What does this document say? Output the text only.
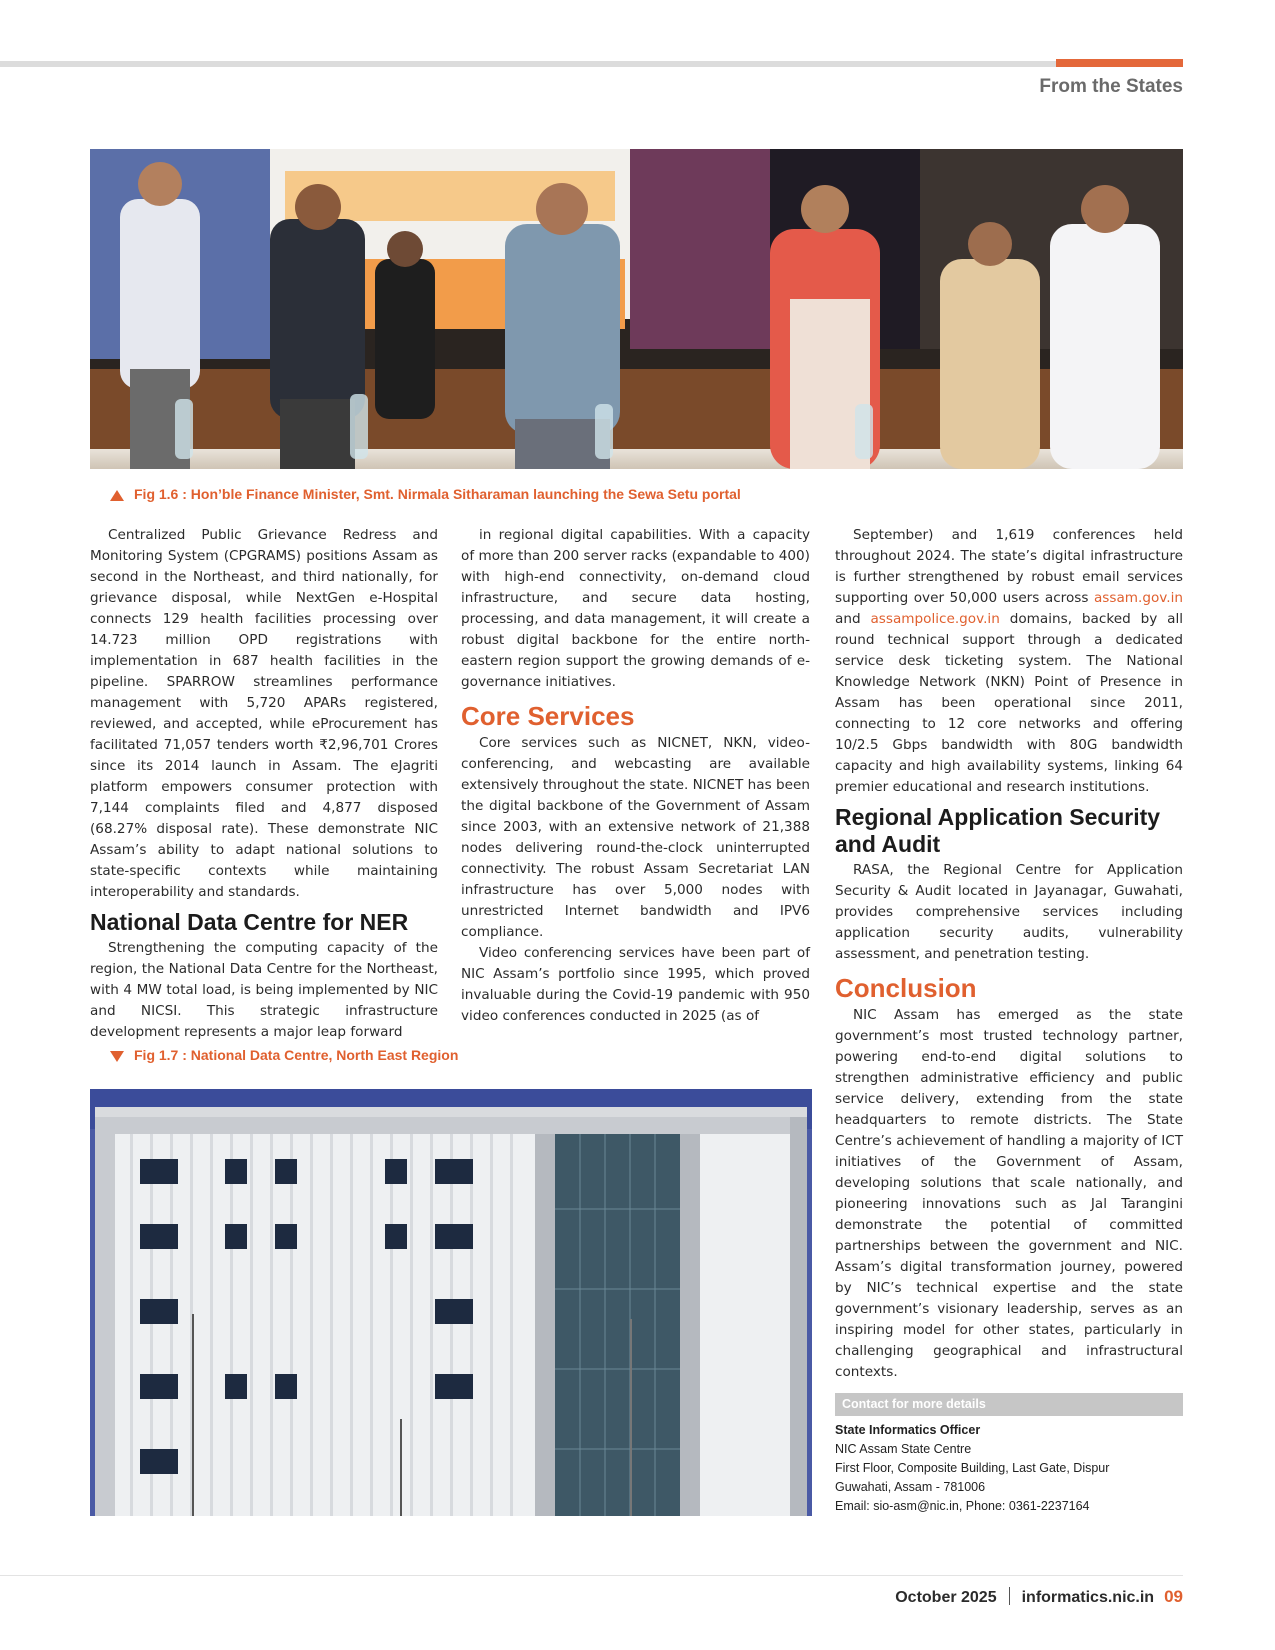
From the States
Fig 1.6 : Hon’ble Finance Minister, Smt. Nirmala Sitharaman launching the Sewa Setu portal

Centralized Public Grievance Redress and Monitoring System (CPGRAMS) positions Assam as second in the Northeast, and third nationally, for grievance disposal, while NextGen e-Hospital connects 129 health facilities processing over 14.723 million OPD registrations with implementation in 687 health facilities in the pipeline. SPARROW streamlines performance management with 5,720 APARs registered, reviewed, and accepted, while eProcurement has facilitated 71,057 tenders worth ₹2,96,701 Crores since its 2014 launch in Assam. The eJagriti platform empowers consumer protection with 7,144 complaints filed and 4,877 disposed (68.27% disposal rate). These demonstrate NIC Assam’s ability to adapt national solutions to state-specific contexts while maintaining interoperability and standards.

National Data Centre for NER

Strengthening the computing capacity of the region, the National Data Centre for the Northeast, with 4 MW total load, is being implemented by NIC and NICSI. This strategic infrastructure development represents a major leap forward

in regional digital capabilities. With a capacity of more than 200 server racks (expandable to 400) with high-end connectivity, on-demand cloud infrastructure, and secure data hosting, processing, and data management, it will create a robust digital backbone for the entire north-eastern region support the growing demands of e-governance initiatives.

Core Services

Core services such as NICNET, NKN, video-conferencing, and webcasting are available extensively throughout the state. NICNET has been the digital backbone of the Government of Assam since 2003, with an extensive network of 21,388 nodes delivering round-the-clock uninterrupted connectivity. The robust Assam Secretariat LAN infrastructure has over 5,000 nodes with unrestricted Internet bandwidth and IPV6 compliance.

Video conferencing services have been part of NIC Assam’s portfolio since 1995, which proved invaluable during the Covid-19 pandemic with 950 video conferences conducted in 2025 (as of

September) and 1,619 conferences held throughout 2024. The state’s digital infrastructure is further strengthened by robust email services supporting over 50,000 users across assam.gov.in and assampolice.gov.in domains, backed by all round technical support through a dedicated service desk ticketing system. The National Knowledge Network (NKN) Point of Presence in Assam has been operational since 2011, connecting to 12 core networks and offering 10/2.5 Gbps bandwidth with 80G bandwidth capacity and high availability systems, linking 64 premier educational and research institutions.

Regional Application Security and Audit

RASA, the Regional Centre for Application Security & Audit located in Jayanagar, Guwahati, provides comprehensive services including application security audits, vulnerability assessment, and penetration testing.

Conclusion

NIC Assam has emerged as the state government’s most trusted technology partner, powering end-to-end digital solutions to strengthen administrative efficiency and public service delivery, extending from the state headquarters to remote districts. The State Centre’s achievement of handling a majority of ICT initiatives of the Government of Assam, developing solutions that scale nationally, and pioneering innovations such as Jal Tarangini demonstrate the potential of committed partnerships between the government and NIC. Assam’s digital transformation journey, powered by NIC’s technical expertise and the state government’s visionary leadership, serves as an inspiring model for other states, particularly in challenging geographical and infrastructural contexts.

Fig 1.7 : National Data Centre, North East Region
Contact for more details
State Informatics Officer
NIC Assam State Centre
First Floor, Composite Building, Last Gate, Dispur
Guwahati, Assam - 781006
Email: sio-asm@nic.in, Phone: 0361-2237164
October 2025 informatics.nic.in 09
